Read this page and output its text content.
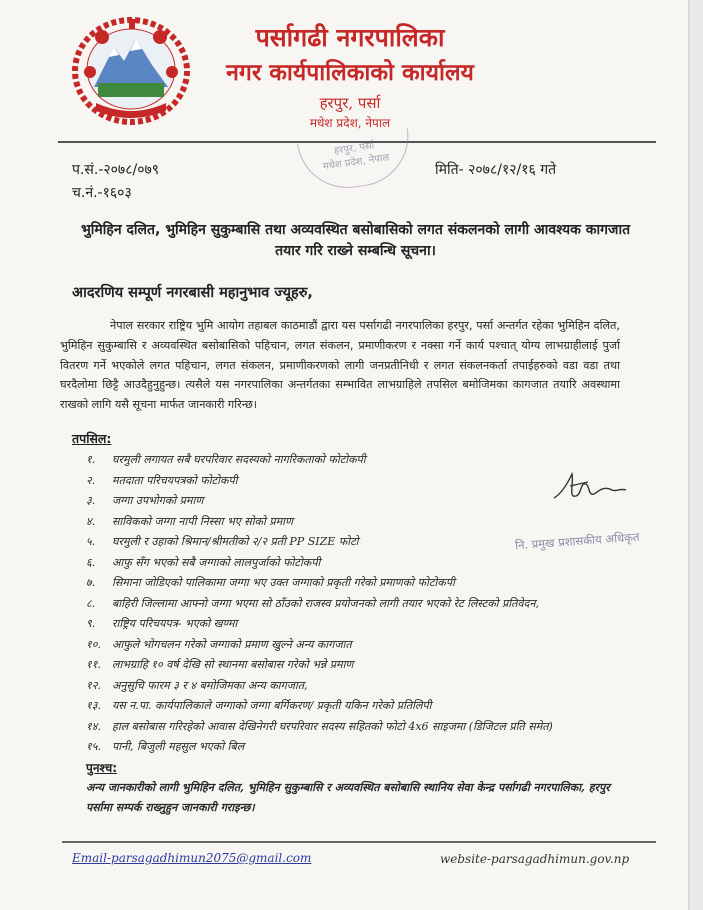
पर्सागढी नगरपालिका
नगर कार्यपालिकाको कार्यालय
हरपुर, पर्सा
मधेश प्रदेश, नेपाल
हरपुर, पर्सा
मधेश प्रदेश, नेपाल
प.सं.-२०७८/०७९
च.नं.-१६०३
मिति- २०७८/१२/१६ गते
भुमिहिन दलित, भुमिहिन सुकुम्बासि तथा अव्यवस्थित बसोबासिको लगत संकलनको लागी आवश्यक कागजात तयार गरि राख्ने सम्बन्धि सूचना।
आदरणिय सम्पूर्ण नगरबासी महानुभाव ज्यूहरु,

नेपाल सरकार राष्ट्रिय भुमि आयोग तहाबल काठमाडौं द्वारा यस पर्सागढी नगरपालिका हरपुर, पर्सा अन्तर्गत रहेका भुमिहिन दलित, भुमिहिन सुकुम्बासि र अव्यवस्थित बसोबासिको पहिचान, लगत संकलन, प्रमाणीकरण र नक्सा गर्ने कार्य पश्चात् योग्य लाभग्राहीलाई पुर्जा वितरण गर्ने भएकोले लगत पहिचान, लगत संकलन, प्रमाणीकरणको लागी जनप्रतीनिधी र लगत संकलनकर्ता तपाईहरुको वडा वडा तथा घरदैलोमा छिट्टै आउदैहुनुहुन्छ। त्यसैले यस नगरपालिका अन्तर्गतका सम्भावित लाभग्राहिले तपसिल बमोजिमका कागजात तयारि अवस्थामा राखको लागि यसै सूचना मार्फत जानकारी गरिन्छ।

तपसिल:
१. घरमुली लगायत सबै घरपरिवार सदस्यको नागरिकताको फोटोकपी
२. मतदाता परिचयपत्रको फोटोकपी
३. जग्गा उपभोगको प्रमाण
४. साविकको जग्गा नापी निस्सा भए सोको प्रमाण
५. घरमुली र उहाको श्रिमान/श्रीमतीको २/२ प्रती PP SIZE फोटो
६. आफु सँग भएको सबै जग्गाको लालपुर्जाको फोटोकपी
७. सिमाना जोडिएको पालिकामा जग्गा भए उक्त जग्गाको प्रकृती गरेको प्रमाणको फोटोकपी
८. बाहिरी जिल्लामा आफ्नो जग्गा भएमा सो ठाँउको राजस्व प्रयोजनको लागी तयार भएको रेट लिस्टको प्रतिवेदन,
९. राष्ट्रिय परिचयपत्र- भएको खण्मा
१०. आफुले भोगचलन गरेको जग्गाको प्रमाण खुल्ने अन्य कागजात
११. लाभग्राहि १० वर्ष देखि सो स्थानमा बसोबास गरेको भन्ने प्रमाण
१२. अनुसुचि फारम ३ र ४ बमोजिमका अन्य कागजात,
१३. यस न.पा. कार्यपालिकाले जग्गाको जग्गा बर्गिकरण/ प्रकृती यकिन गरेको प्रतिलिपी
१४. हाल बसोबास गरिरहेको आवास देखिनेगरी घरपरिवार सदस्य सहितको फोटो 4x6 साइजमा (डिजिटल प्रति समेत)
१५. पानी, बिजुली महसुल भएको बिल
नि. प्रमुख प्रशासकीय अधिकृत
पुनश्च:

अन्य जानकारीको लागी भुमिहिन दलित, भुमिहिन सुकुम्बासि र अव्यवस्थित बसोबासि स्थानिय सेवा केन्द्र पर्सागढी नगरपालिका, हरपुर पर्सामा सम्पर्क राख्नुहुन जानकारी गराइन्छ।

Email-parsagadhimun2075@gmail.com	website-parsagadhimun.gov.np
